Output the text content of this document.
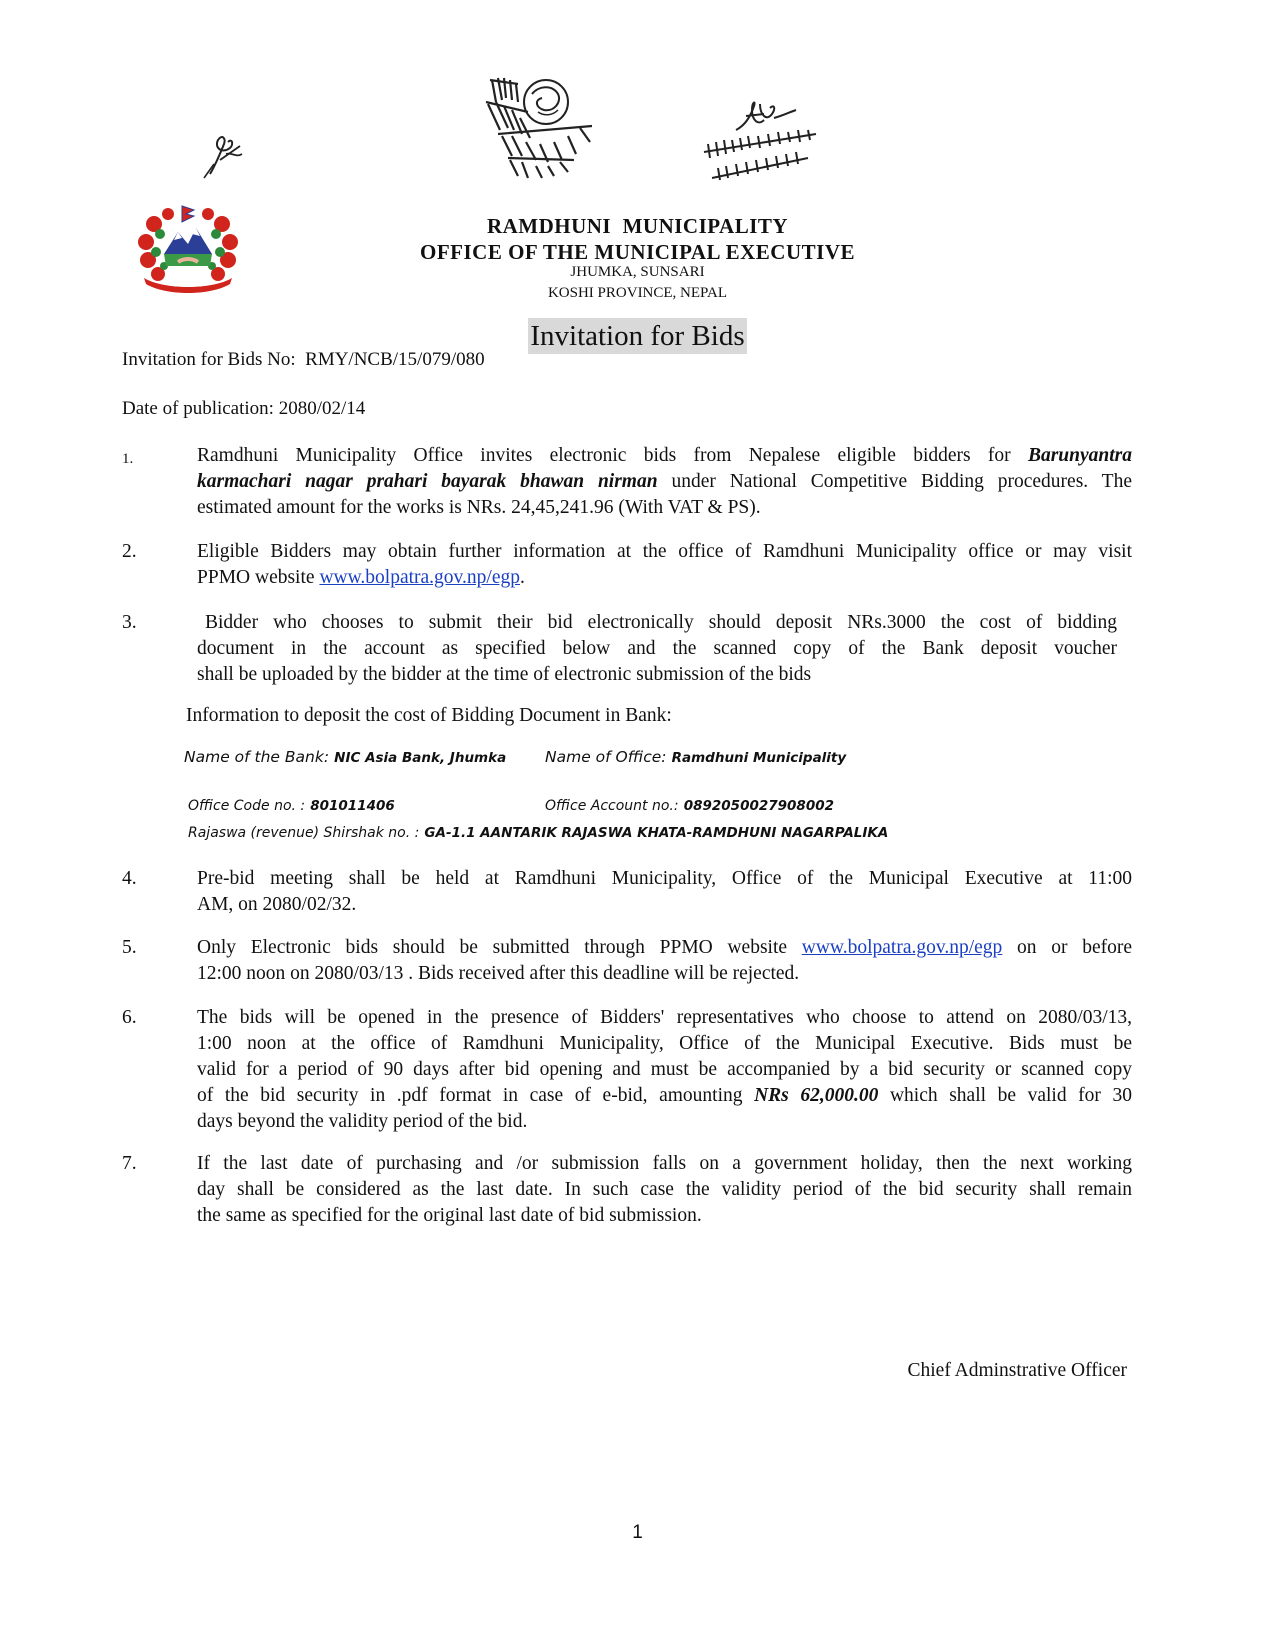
RAMDHUNI  MUNICIPALITY
OFFICE OF THE MUNICIPAL EXECUTIVE
JHUMKA, SUNSARI
KOSHI PROVINCE, NEPAL
Invitation for Bids
Invitation for Bids No: RMY/NCB/15/079/080
Date of publication: 2080/02/14
1.	Ramdhuni Municipality Office invites electronic bids from Nepalese eligible bidders for Barunyantra
karmachari nagar prahari bayarak bhawan nirman under National Competitive Bidding procedures. The
estimated amount for the works is NRs. 24,45,241.96 (With VAT & PS).
2.	Eligible Bidders may obtain further information at the office of Ramdhuni Municipality office or may visit
PPMO website www.bolpatra.gov.np/egp.
3.	Bidder who chooses to submit their bid electronically should deposit NRs.3000 the cost of bidding
document in the account as specified below and the scanned copy of the Bank deposit voucher
shall be uploaded by the bidder at the time of electronic submission of the bids
Information to deposit the cost of Bidding Document in Bank:
Name of the Bank: NIC Asia Bank, Jhumka	Name of Office: Ramdhuni Municipality
Office Code no. : 801011406	Office Account no.: 0892050027908002
Rajaswa (revenue) Shirshak no. : GA-1.1 AANTARIK RAJASWA KHATA-RAMDHUNI NAGARPALIKA
4.	Pre-bid meeting shall be held at Ramdhuni Municipality, Office of the Municipal Executive at 11:00
AM, on 2080/02/32.
5.	Only Electronic bids should be submitted through PPMO website www.bolpatra.gov.np/egp on or before
12:00 noon on 2080/03/13 . Bids received after this deadline will be rejected.
6.	The bids will be opened in the presence of Bidders' representatives who choose to attend on 2080/03/13,
1:00 noon at the office of Ramdhuni Municipality, Office of the Municipal Executive. Bids must be
valid for a period of 90 days after bid opening and must be accompanied by a bid security or scanned copy
of the bid security in .pdf format in case of e-bid, amounting NRs 62,000.00 which shall be valid for 30
days beyond the validity period of the bid.
7.	If the last date of purchasing and /or submission falls on a government holiday, then the next working
day shall be considered as the last date. In such case the validity period of the bid security shall remain
the same as specified for the original last date of bid submission.
Chief Adminstrative Officer
1
